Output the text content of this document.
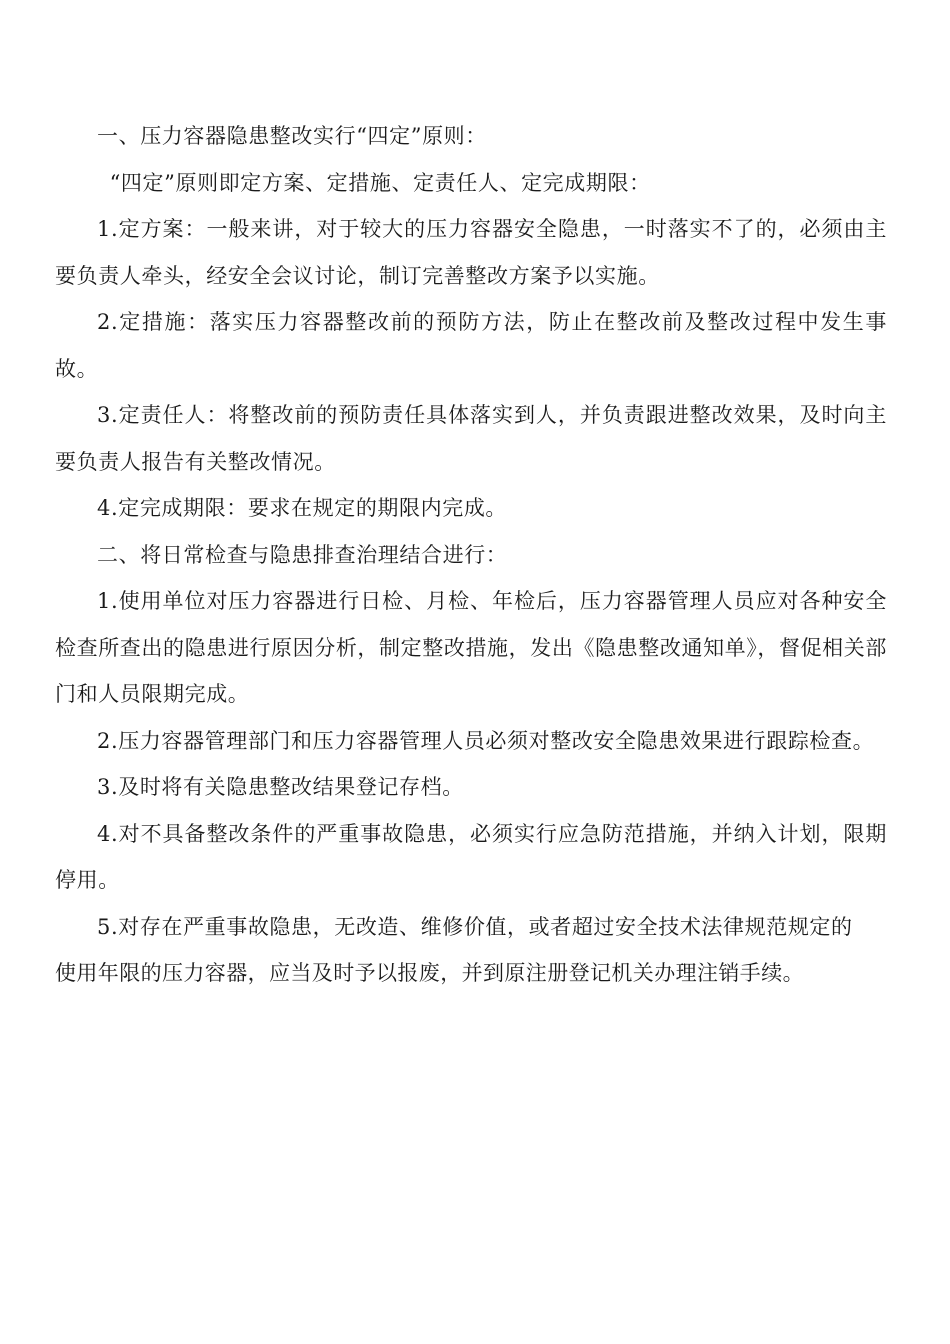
一、压力容器隐患整改实行“四定”原则：

“四定”原则即定方案、定措施、定责任人、定完成期限：

1.定方案：一般来讲，对于较大的压力容器安全隐患，一时落实不了的，必须由主要负责人牵头，经安全会议讨论，制订完善整改方案予以实施。

2.定措施：落实压力容器整改前的预防方法，防止在整改前及整改过程中发生事故。

3.定责任人：将整改前的预防责任具体落实到人，并负责跟进整改效果，及时向主要负责人报告有关整改情况。

4.定完成期限：要求在规定的期限内完成。

二、将日常检查与隐患排查治理结合进行：

1.使用单位对压力容器进行日检、月检、年检后，压力容器管理人员应对各种安全检查所查出的隐患进行原因分析，制定整改措施，发出《隐患整改通知单》，督促相关部门和人员限期完成。

2.压力容器管理部门和压力容器管理人员必须对整改安全隐患效果进行跟踪检查。

3.及时将有关隐患整改结果登记存档。

4.对不具备整改条件的严重事故隐患，必须实行应急防范措施，并纳入计划，限期停用。

5.对存在严重事故隐患，无改造、维修价值，或者超过安全技术法律规范规定的

使用年限的压力容器，应当及时予以报废，并到原注册登记机关办理注销手续。
